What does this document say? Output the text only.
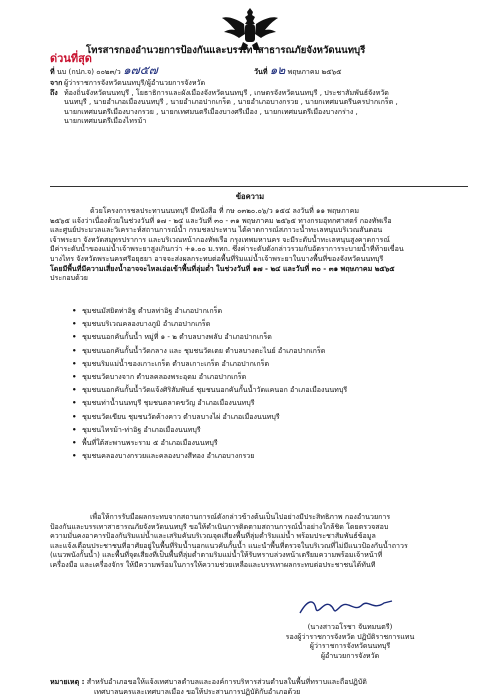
โทรสารกองอำนวยการป้องกันและบรรเทาสาธารณภัยจังหวัดนนทบุรี
ด่วนที่สุด
ที่ นบ (กปภ.จ) ๐๐๒๓/ว ๑๗๕๗	วันที่ ๑๒ พฤษภาคม ๒๕๖๕
จาก ผู้ว่าราชการจังหวัดนนทบุรี/ผู้อำนวยการจังหวัด
ถึง ท้องถิ่นจังหวัดนนทบุรี , โยธาธิการและผังเมืองจังหวัดนนทบุรี , เกษตรจังหวัดนนทบุรี , ประชาสัมพันธ์จังหวัด
นนทบุรี , นายอำเภอเมืองนนทบุรี , นายอำเภอปากเกร็ด , นายอำเภอบางกรวย , นายกเทศมนตรีนครปากเกร็ด ,
นายกเทศมนตรีเมืองบางกรวย , นายกเทศมนตรีเมืองบางศรีเมือง , นายกเทศมนตรีเมืองบางกร่าง ,
นายกเทศมนตรีเมืองไทรม้า
ข้อความ
ด้วยโครงการชลประทานนนทบุรี มีหนังสือ ที่ กษ ๐๓๒๐.๐๖/ว ๑๕๔ ลงวันที่ ๑๑ พฤษภาคม
๒๕๖๕ แจ้งว่าเนื่องด้วยในช่วงวันที่ ๑๗ - ๒๔ และวันที่ ๓๐ - ๓๑ พฤษภาคม ๒๕๖๕ ทางกรมอุทกศาสตร์ กองทัพเรือ
และศูนย์ประมวลและวิเคราะห์สถานการณ์น้ำ กรมชลประทาน ได้คาดการณ์สภาวะน้ำทะเลหนุนบริเวณสันดอน
เจ้าพระยา จังหวัดสมุทรปราการ และบริเวณหน้ากองทัพเรือ กรุงเทพมหานคร จะมีระดับน้ำทะเลหนุนสูงคาดการณ์
มีค่าระดับน้ำของแม่น้ำเจ้าพระยาสูงเกินกว่า +๑.๐๐ ม.รทก. ซึ่งค่าระดับดังกล่าวรวมกับอัตราการระบายน้ำที่ท้ายเขื่อน
บางไทร จังหวัดพระนครศรีอยุธยา อาจจะส่งผลกระทบต่อพื้นที่ริมแม่น้ำเจ้าพระยาในบางพื้นที่ของจังหวัดนนทบุรี
โดยมีพื้นที่มีความเสี่ยงน้ำอาจจะไหลเอ่อเข้าพื้นที่ลุ่มต่ำ ในช่วงวันที่ ๑๗ - ๒๔ และวันที่ ๓๐ - ๓๑ พฤษภาคม ๒๕๖๕
ประกอบด้วย
• ชุมชนมัสยิดท่าอิฐ ตำบลท่าอิฐ อำเภอปากเกร็ด
• ชุมชนบริเวณคลองบางภูมิ อำเภอปากเกร็ด
• ชุมชนนอกคันกั้นน้ำ หมู่ที่ ๑ - ๒ ตำบลบางพลับ อำเภอปากเกร็ด
• ชุมชนนอกคันกั้นน้ำวัดกลาง และ ชุมชนวัดเตย ตำบลบางตะไนย์ อำเภอปากเกร็ด
• ชุมชนริมแม่น้ำของเกาะเกร็ด ตำบลเกาะเกร็ด อำเภอปากเกร็ด
• ชุมชนวัดบางจาก ตำบลคลองพระอุดม อำเภอปากเกร็ด
• ชุมชนนอกคันกั้นน้ำวัดแจ้งศิริสัมพันธ์ ชุมชนนอกคันกั้นน้ำวัดแคนอก อำเภอเมืองนนทบุรี
• ชุมชนท่าน้ำนนทบุรี ชุมชนตลาดขวัญ อำเภอเมืองนนทบุรี
• ชุมชนวัดเขียน ชุมชนวัดค้างคาว ตำบลบางไผ่ อำเภอเมืองนนทบุรี
• ชุมชนไทรม้า-ท่าอิฐ อำเภอเมืองนนทบุรี
• พื้นที่ใต้สะพานพระราม ๕ อำเภอเมืองนนทบุรี
• ชุมชนคลองบางกรวยและคลองบางสีทอง อำเภอบางกรวย
เพื่อให้การรับมือผลกระทบจากสถานการณ์ดังกล่าวข้างต้นเป็นไปอย่างมีประสิทธิภาพ กองอำนวยการ
ป้องกันและบรรเทาสาธารณภัยจังหวัดนนทบุรี ขอให้ดำเนินการติดตามสถานการณ์น้ำอย่างใกล้ชิด โดยตรวจสอบ
ความมั่นคงอาคารป้องกันริมแม่น้ำและเสริมคันบริเวณจุดเสี่ยงพื้นที่ลุ่มต่ำริมแม่น้ำ พร้อมประชาสัมพันธ์ข้อมูล
และแจ้งเตือนประชาชนที่อาศัยอยู่ในพื้นที่ริมน้ำนอกแนวคันกั้นน้ำ แนะนำพื้นที่ตรวจในบริเวณที่ไม่มีแนวป้องกันน้ำถาวร
(แนวพนังกั้นน้ำ) และพื้นที่จุดเสี่ยงที่เป็นพื้นที่ลุ่มต่ำตามริมแม่น้ำให้รับทราบล่วงหน้าเตรียมความพร้อมเจ้าหน้าที่
เครื่องมือ และเครื่องจักร ให้มีความพร้อมในการให้ความช่วยเหลือและบรรเทาผลกระทบต่อประชาชนได้ทันที
(นางสาวอโรชา จันทมนตรี)
รองผู้ว่าราชการจังหวัด ปฏิบัติราชการแทน
ผู้ว่าราชการจังหวัดนนทบุรี
ผู้อำนวยการจังหวัด
หมายเหตุ : สำหรับอำเภอขอให้แจ้งเทศบาลตำบลและองค์การบริหารส่วนตำบลในพื้นที่ทราบและถือปฏิบัติ
เทศบาลนครและเทศบาลเมือง ขอให้ประสานการปฏิบัติกับอำเภอด้วย
